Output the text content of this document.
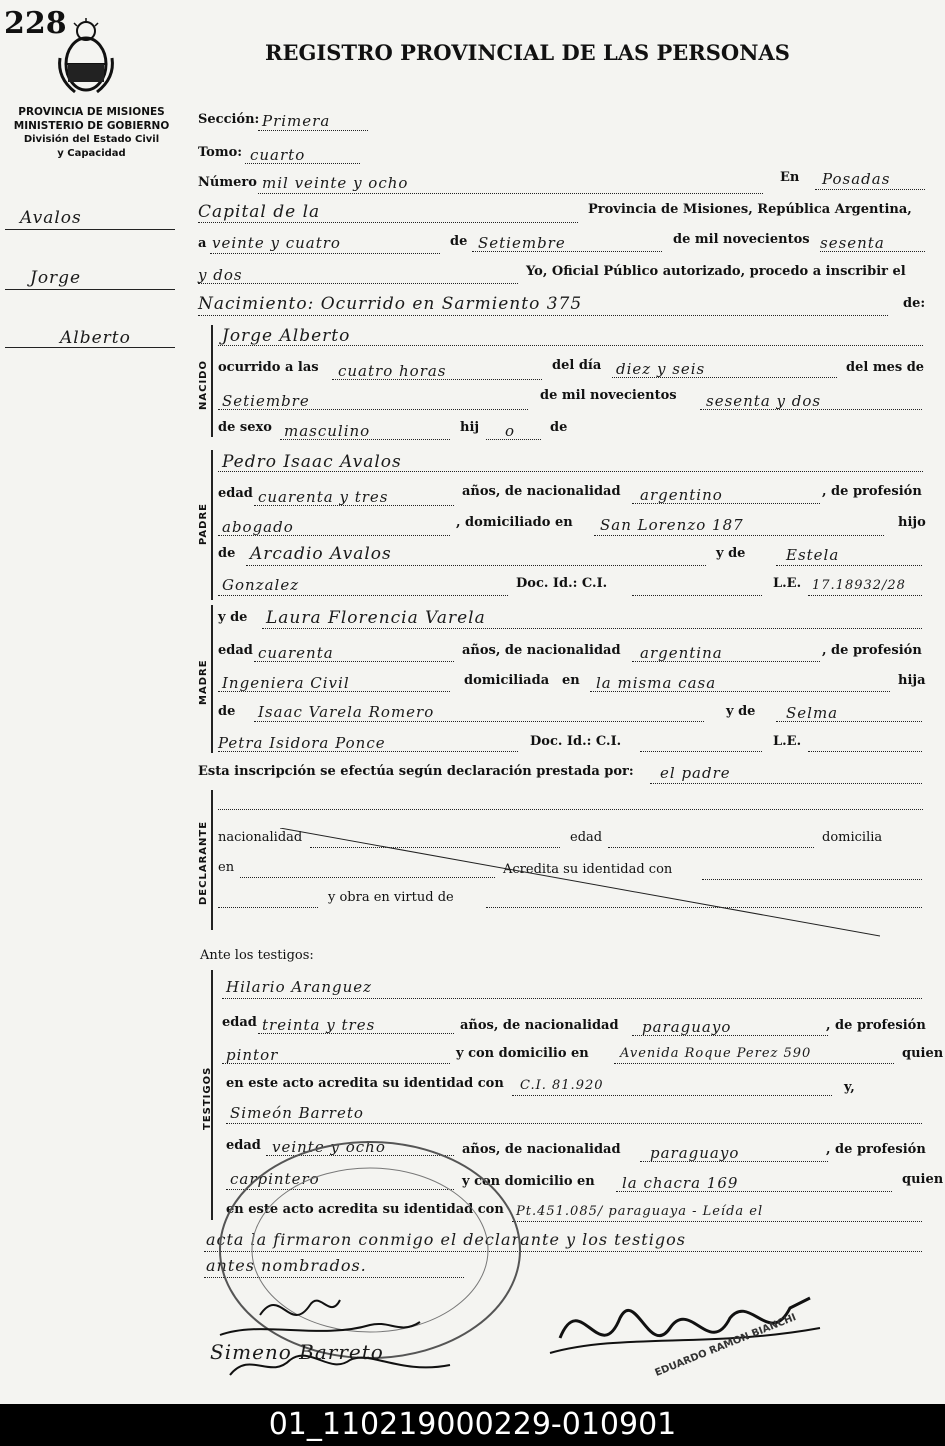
228
REGISTRO PROVINCIAL DE LAS PERSONAS
PROVINCIA DE MISIONES
MINISTERIO DE GOBIERNO
División del Estado Civil
y Capacidad
Avalos
Jorge
Alberto
Sección: Primera
Tomo: cuarto
Número mil veinte y ocho	En Posadas
Capital de la	Provincia de Misiones, República Argentina,
a veinte y cuatro	de Setiembre	de mil novecientos sesenta
y dos	Yo, Oficial Público autorizado, procedo a inscribir el
Nacimiento: Ocurrido en Sarmiento 375	de:
NACIDO
Jorge Alberto
ocurrido a las cuatro horas	del día diez y seis	del mes de
Setiembre	de mil novecientos sesenta y dos
de sexo masculino	hij o	de
PADRE
Pedro Isaac Avalos
edad cuarenta y tres	años, de nacionalidad argentino	, de profesión
abogado	, domiciliado en San Lorenzo 187	hijo
de Arcadio Avalos	y de	Estela
Gonzalez	Doc. Id.: C.I.	L.E. 17.18932/28
MADRE
y de Laura Florencia Varela
edad cuarenta	años, de nacionalidad argentina	, de profesión
Ingeniera Civil	domiciliada en la misma casa	hija
de Isaac Varela Romero	y de Selma
Petra Isidora Ponce	Doc. Id.: C.I.	L.E.
Esta inscripción se efectúa según declaración prestada por: el padre
DECLARANTE nacionalidad	edad	domicilia
en	Acredita su identidad con
y obra en virtud de
Ante los testigos:
TESTIGOS
Hilario Aranguez
edad treinta y tres	años, de nacionalidad paraguayo	, de profesión
pintor	y con domicilio en Avenida Roque Perez 590	quien
en este acto acredita su identidad con C.I. 81.920	y,
Simeón Barreto
edad veinte y ocho	años, de nacionalidad paraguayo	, de profesión
carpintero	y con domicilio en la chacra 169	quien
en este acto acredita su identidad con Pt.451.085/ paraguaya - Leída el
acta la firmaron conmigo el declarante y los testigos
antes nombrados.
Simeno Barreto	EDUARDO RAMON BIANCHI
01_110219000229-010901
